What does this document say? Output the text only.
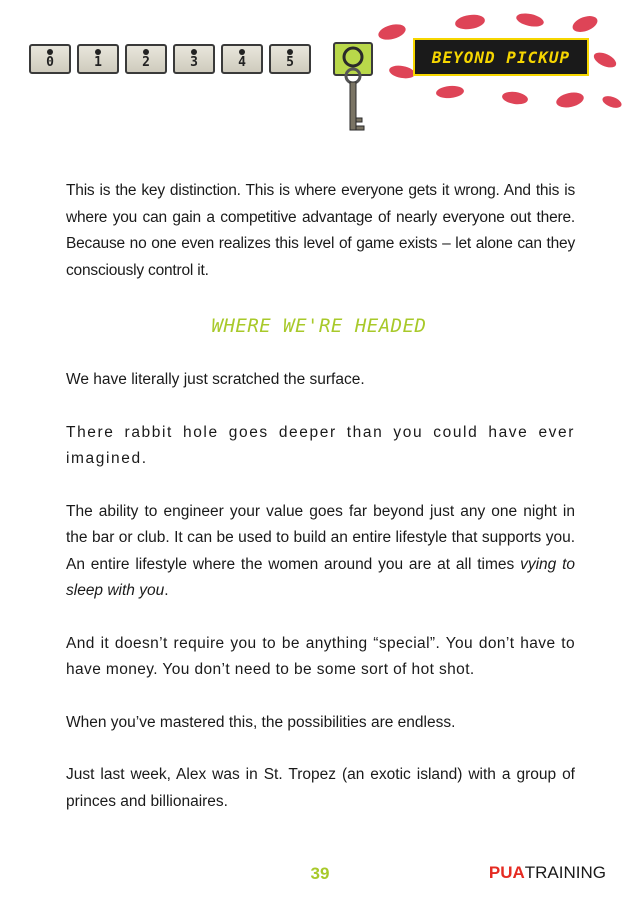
0	1	2	3	4	5	BEYOND PICKUP

This is the key distinction. This is where everyone gets it wrong. And this is where you can gain a competitive advantage of nearly everyone out there. Because no one even realizes this level of game exists – let alone can they consciously control it.

WHERE WE'RE HEADED

We have literally just scratched the surface.

There rabbit hole goes deeper than you could have ever imagined.

The ability to engineer your value goes far beyond just any one night in the bar or club. It can be used to build an entire lifestyle that supports you. An entire lifestyle where the women around you are at all times vying to sleep with you.

And it doesn’t require you to be anything “special”. You don’t have to have money. You don’t need to be some sort of hot shot.

When you’ve mastered this, the possibilities are endless.

Just last week, Alex was in St. Tropez (an exotic island) with a group of princes and billionaires.

39	PUATRAINING
